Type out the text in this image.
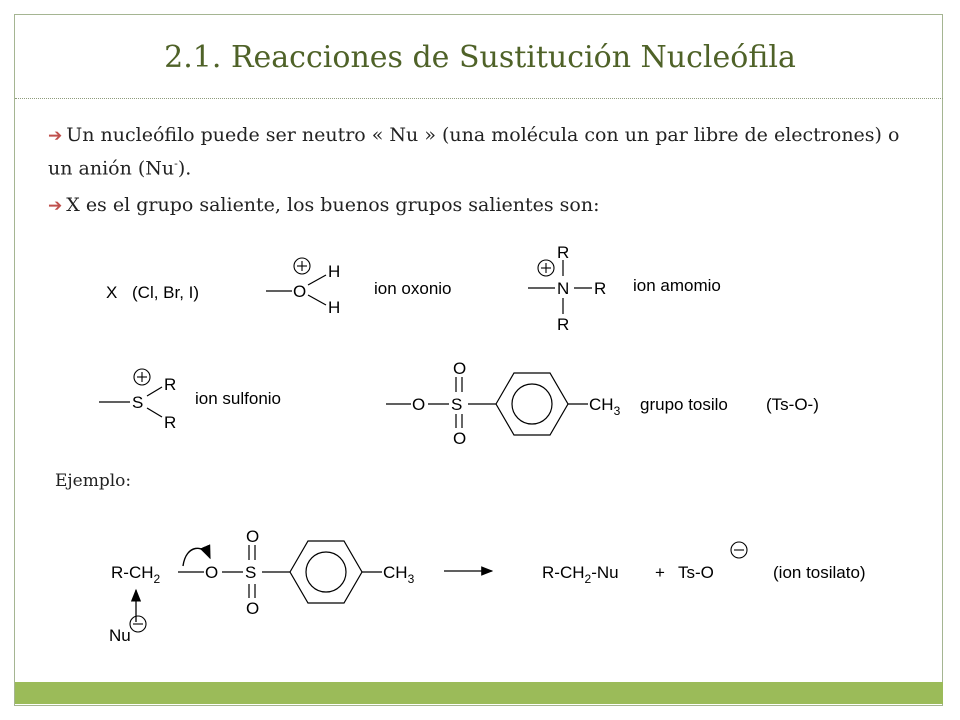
2.1. Reacciones de Sustitución Nucleófila
➔ Un nucleófilo puede ser neutro « Nu » (una molécula con un par libre de electrones) o un anión (Nu-).
➔ X es el grupo saliente, los buenos grupos salientes son:
Ejemplo:
X (Cl, Br, I)	O
H
H
ion oxonio	N R
R
R
ion amomio
S
R
R
ion sulfonio	O S
O
O
$CH_3$ grupo tosilo (Ts-O-)
$R-CH_2$	O S
O
O
$CH_3$
Nu
$R-CH_2-Nu + Ts-O$	(ion tosilato)
